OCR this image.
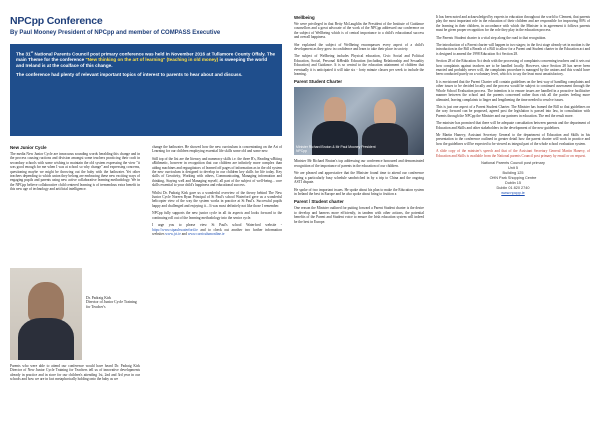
NPCpp Conference
By Paul Mooney President of NPCpp and member of COMPASS Executive

The 31st National Parents Council post primary conference was held in November 2016 at Tullamore County Offaly. The main Theme for the conference "New thinking on the art of learning" (teaching in old money) is sweeping the world and Ireland is at the coalface of this change.

The conference had plenty of relevant important topics of interest to parents to hear about and discuss.

New Junior Cycle

The media New Junior Cycle are innocuous sounding words heralding this change and in the process causing ructions and division amongst some teachers practicing their craft in secondary schools with some wishing to maintain the old system expressing the view "it was good enough for me when I was at school so why change" and expressing concerns, questioning maybe we might be throwing out the baby with the bathwater. Yet other teachers depending to which union they belong are embracing these new exciting ways of engaging pupils and parents using new active collaborative learning methodology. We in the NPCpp believe collaborative child centered learning is of tremendous extra benefit in this new age of technology and artificial intelligence.

Dr. Padraig Kirk
Director of Junior Cycle Training for Teacher's

Parents who were able to attend our conference would have heard Dr. Padraig Kirk Director of New Junior Cycle Training for Teachers tell us of innovative developments already in practice and in store for our children's attending 1st, 2nd and 3rd year in our schools and how we are in fact metaphorically holding onto the baby as we

change the bathwater. He showed how the new curriculum is concentrating on the Art of Learning for our children employing essential life skills some old and some new.

Still top of the list are the literacy and numeracy skills i.e. the three R's, Reading wRiting aRithmetic, however in recognition that our children are infinitely more complex than aiding machines and regurgitators of learned off pages of information as in the old system the new curriculum is designed to develop in our children key skills for life today. Key skills of Creativity, Working with others, Communicating, Managing information and thinking, Staying well and Managing myself, all part of the subject of well-being... core skills essential to your child's happiness and educational success.

Whilst Dr. Padraig Kirk gave us a wonderful overview of the theory behind The New Junior Cycle Noreen Ryan Principal of St Paul's school Waterford gave us a wonderful helicopter view of the way the system works in practice at St Paul's. Successful pupils happy and challenged and enjoying it... It was most definitely not like those I remember.

NPCpp fully supports the new junior cycle in all its aspects and looks forward to the continuing roll out of the learning methodology into the senior cycle.

I urge you to please view St Paul's school Waterford website - https://www.stpaulswaterford.ie and to check out another two further information websites www.jct.ie and www.curriculumonline.ie

Wellbeing

We were privileged in that Betty McLaughlin the President of the Institute of Guidance counsellors and a great advocate of the work of the NPCpp addressed our conference on the subject of Wellbeing which is of central importance to a child's educational success and overall happiness.

She explained the subject of Wellbeing encompasses every aspect of a child's development as they grow in confidence and learn to take their place in society.

The subject of Wellbeing includes Physical education, Civic Social and Political Education, Social, Personal &Health Education (including Relationship and Sexuality Education) and Guidance. It is so central to the education attainment of children that eventually it is anticipated it will take six - forty minute classes per week to include the learning.

Parent Student Charter
Minister Richard Bruton & Mr Paul Mooney President NPCpp

Minister Mr Richard Bruton's top addressing our conference honoured and demonstrated recognition of the importance of parents in the education of our children.

We are pleased and appreciative that the Minister found time to attend our conference during a particularly busy schedule sandwiched in by a trip to China and the ongoing ASTI dispute.

He spoke of two important issues. He spoke about his plan to make the Education system in Ireland the best in Europe and he also spoke about bring to fruition a

Parent / Student charter

One reason the Minister outlined for putting forward a Parent Student charter is the desire to develop and harness more efficiently, in tandem with other actions, the potential benefits of the Parent and Student voice to ensure the Irish education system will indeed be the best in Europe.

It has been noted and acknowledged by experts in education throughout the world to Clement, that parents play the most important role in the education of their children and are responsible for improving 80% of the learning in their children, in accordance with which the Minister is in agreement it follows parents must be given proper recognition for the role they play in the education process.

The Parents /Student charter is a vital step along the road to that recognition.

The introduction of a Parent charter will happen in two stages; in the first stage already set in motion is the introduction in the Bill a Breath of a Bill to allow for a Parent and Student charter in the Education act and is designed to amend the 1998 Education Act Section 28.

Section 28 of the Education Act deals with the processing of complaints concerning teachers and it sets out how complaints against teachers are to be handled locally. However, since Section 28 has never been enacted and probably never will, the complaints procedure is managed by the unions and this would have been conducted purely on a voluntary level, which is to say the least most unsatisfactory.

It is envisioned that the Parent Charter will contain guidelines on the best way of handling complaints and other issues to be decided locally and the process would be subject to continued assessment through the Whole School Evaluation process. The intention is to ensure issues are handled in a proactive facilitative manner between the school and the parents concerned rather than risk all the parties feeling more alienated, leaving complaints to linger and lengthening the time needed to resolve issues.

This is just one aspect of a Parent Student Charter. The Minister has framed the Bill so that guidelines on the way forward can be proposed, agreed post the legislation is passed into law, in consultation with Parents through the NPCpp the Minister and our partners in education. The end the result more.

The minister has promised that there will be adequate consultation between parents and the department of Education and Skills and other stakeholders in the development of the new guidelines.

Mr Martin Hanevy, Assistant Secretary General to the department of Education and Skills in his presentation to the conference outlined in greater detail how the parent charter will work in practice and how the guidelines will be expected to be viewed as integral part of the whole school evaluation system.

A slide copy of the minister's speech and that of the Assistant Secretary General Martin Hanevy, of Education and Skills is available from the National parents Council post primary by email or on request.

National Parents Council post primary
Unit 5
Building 125
OHN Park Shopping Centre
Dublin 15
Dublin 01 820 2740
www.npcpp.ie
